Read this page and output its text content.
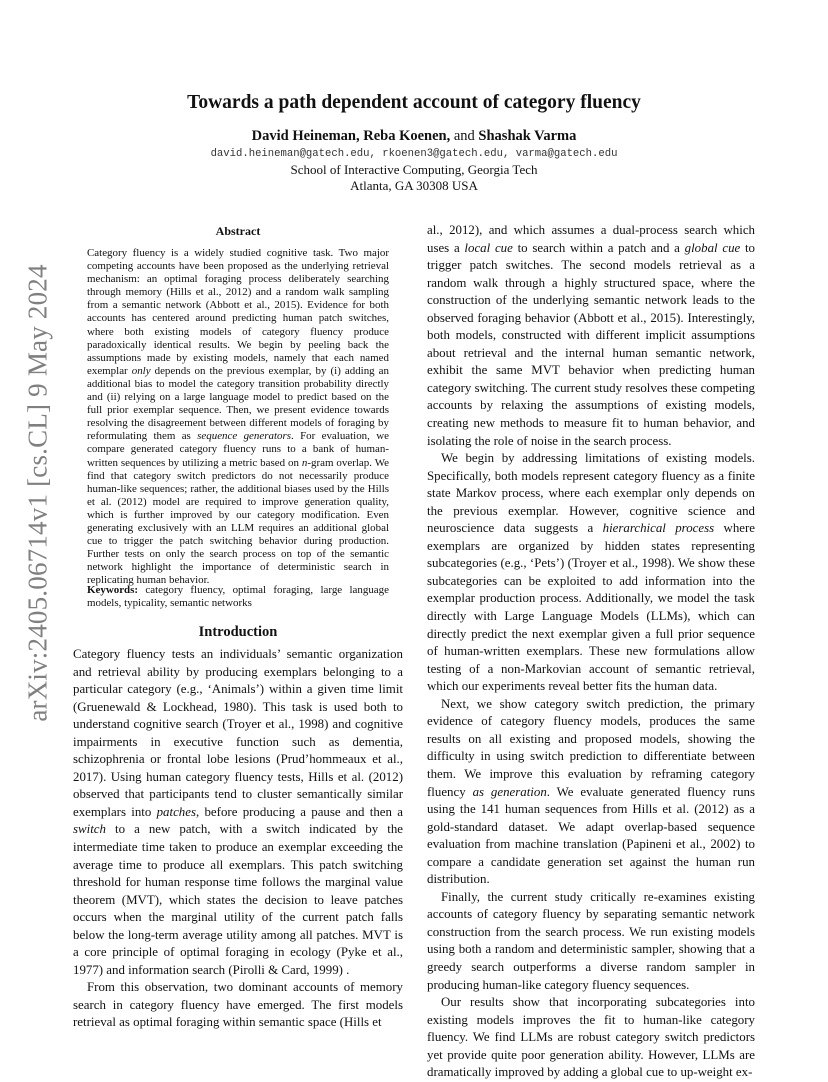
arXiv:2405.06714v1 [cs.CL] 9 May 2024
Towards a path dependent account of category fluency
David Heineman, Reba Koenen, and Shashak Varma
david.heineman@gatech.edu, rkoenen3@gatech.edu, varma@gatech.edu
School of Interactive Computing, Georgia Tech
Atlanta, GA 30308 USA
Abstract
Category fluency is a widely studied cognitive task. Two major competing accounts have been proposed as the underlying retrieval mechanism: an optimal foraging process deliberately searching through memory (Hills et al., 2012) and a random walk sampling from a semantic network (Abbott et al., 2015). Evidence for both accounts has centered around predicting human patch switches, where both existing models of category fluency produce paradoxically identical results. We begin by peeling back the assumptions made by existing models, namely that each named exemplar only depends on the previous exemplar, by (i) adding an additional bias to model the category transition probability directly and (ii) relying on a large language model to predict based on the full prior exemplar sequence. Then, we present evidence towards resolving the disagreement between different models of foraging by reformulating them as sequence generators. For evaluation, we compare generated category fluency runs to a bank of human-written sequences by utilizing a metric based on n-gram overlap. We find that category switch predictors do not necessarily produce human-like sequences; rather, the additional biases used by the Hills et al. (2012) model are required to improve generation quality, which is further improved by our category modification. Even generating exclusively with an LLM requires an additional global cue to trigger the patch switching behavior during production. Further tests on only the search process on top of the semantic network highlight the importance of deterministic search in replicating human behavior.

Keywords: category fluency, optimal foraging, large language models, typicality, semantic networks

Introduction

Category fluency tests an individuals’ semantic organization and retrieval ability by producing exemplars belonging to a particular category (e.g., ‘Animals’) within a given time limit (Gruenewald & Lockhead, 1980). This task is used both to understand cognitive search (Troyer et al., 1998) and cognitive impairments in executive function such as dementia, schizophrenia or frontal lobe lesions (Prud’hommeaux et al., 2017). Using human category fluency tests, Hills et al. (2012) observed that participants tend to cluster semantically similar exemplars into patches, before producing a pause and then a switch to a new patch, with a switch indicated by the intermediate time taken to produce an exemplar exceeding the average time to produce all exemplars. This patch switching threshold for human response time follows the marginal value theorem (MVT), which states the decision to leave patches occurs when the marginal utility of the current patch falls below the long-term average utility among all patches. MVT is a core principle of optimal foraging in ecology (Pyke et al., 1977) and information search (Pirolli & Card, 1999) .

From this observation, two dominant accounts of memory search in category fluency have emerged. The first models retrieval as optimal foraging within semantic space (Hills et

al., 2012), and which assumes a dual-process search which uses a local cue to search within a patch and a global cue to trigger patch switches. The second models retrieval as a random walk through a highly structured space, where the construction of the underlying semantic network leads to the observed foraging behavior (Abbott et al., 2015). Interestingly, both models, constructed with different implicit assumptions about retrieval and the internal human semantic network, exhibit the same MVT behavior when predicting human category switching. The current study resolves these competing accounts by relaxing the assumptions of existing models, creating new methods to measure fit to human behavior, and isolating the role of noise in the search process.

We begin by addressing limitations of existing models. Specifically, both models represent category fluency as a finite state Markov process, where each exemplar only depends on the previous exemplar. However, cognitive science and neuroscience data suggests a hierarchical process where exemplars are organized by hidden states representing subcategories (e.g., ‘Pets’) (Troyer et al., 1998). We show these subcategories can be exploited to add information into the exemplar production process. Additionally, we model the task directly with Large Language Models (LLMs), which can directly predict the next exemplar given a full prior sequence of human-written exemplars. These new formulations allow testing of a non-Markovian account of semantic retrieval, which our experiments reveal better fits the human data.

Next, we show category switch prediction, the primary evidence of category fluency models, produces the same results on all existing and proposed models, showing the difficulty in using switch prediction to differentiate between them. We improve this evaluation by reframing category fluency as generation. We evaluate generated fluency runs using the 141 human sequences from Hills et al. (2012) as a gold-standard dataset. We adapt overlap-based sequence evaluation from machine translation (Papineni et al., 2002) to compare a candidate generation set against the human run distribution.

Finally, the current study critically re-examines existing accounts of category fluency by separating semantic network construction from the search process. We run existing models using both a random and deterministic sampler, showing that a greedy search outperforms a diverse random sampler in producing human-like category fluency sequences.

Our results show that incorporating subcategories into existing models improves the fit to human-like category fluency. We find LLMs are robust category switch predictors yet provide quite poor generation ability. However, LLMs are dramatically improved by adding a global cue to up-weight ex-
